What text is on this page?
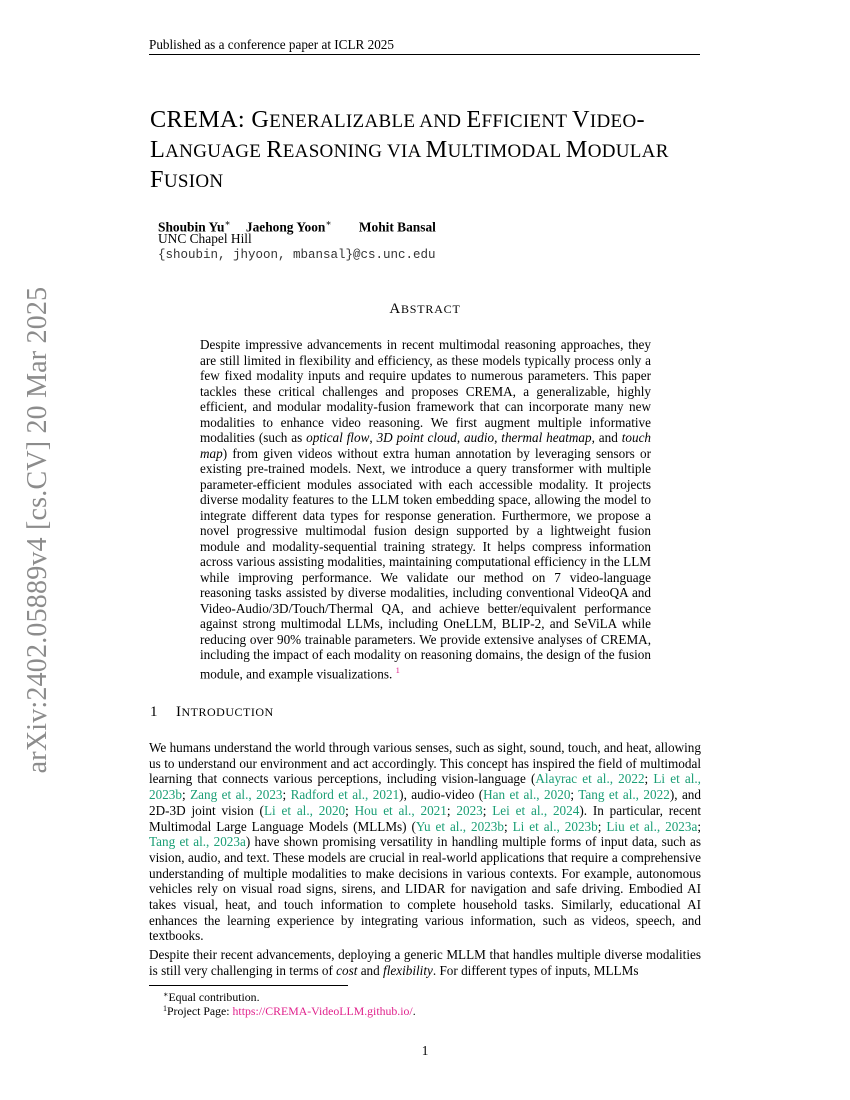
Published as a conference paper at ICLR 2025
arXiv:2402.05889v4 [cs.CV] 20 Mar 2025
CREMA: GENERALIZABLE AND EFFICIENT VIDEO-
LANGUAGE REASONING VIA MULTIMODAL MODULAR
FUSION
Shoubin Yu∗ Jaehong Yoon∗ Mohit Bansal
UNC Chapel Hill
{shoubin, jhyoon, mbansal}@cs.unc.edu
ABSTRACT
Despite impressive advancements in recent multimodal reasoning approaches, they are still limited in flexibility and efficiency, as these models typically process only a few fixed modality inputs and require updates to numerous parameters. This paper tackles these critical challenges and proposes CREMA, a generalizable, highly efficient, and modular modality-fusion framework that can incorporate many new modalities to enhance video reasoning. We first augment multiple informative modalities (such as optical flow, 3D point cloud, audio, thermal heatmap, and touch map) from given videos without extra human annotation by leveraging sensors or existing pre-trained models. Next, we introduce a query transformer with multiple parameter-efficient modules associated with each accessible modality. It projects diverse modality features to the LLM token embedding space, allowing the model to integrate different data types for response generation. Furthermore, we propose a novel progressive multimodal fusion design supported by a lightweight fusion module and modality-sequential training strategy. It helps compress information across various assisting modalities, maintaining computational efficiency in the LLM while improving performance. We validate our method on 7 video-language reasoning tasks assisted by diverse modalities, including conventional VideoQA and Video-Audio/3D/Touch/Thermal QA, and achieve better/equivalent performance against strong multimodal LLMs, including OneLLM, BLIP-2, and SeViLA while reducing over 90% trainable parameters. We provide extensive analyses of CREMA, including the impact of each modality on reasoning domains, the design of the fusion module, and example visualizations. $^1$
1 INTRODUCTION
We humans understand the world through various senses, such as sight, sound, touch, and heat, allowing us to understand our environment and act accordingly. This concept has inspired the field of multimodal learning that connects various perceptions, including vision-language (Alayrac et al., 2022; Li et al., 2023b; Zang et al., 2023; Radford et al., 2021), audio-video (Han et al., 2020; Tang et al., 2022), and 2D-3D joint vision (Li et al., 2020; Hou et al., 2021; 2023; Lei et al., 2024). In particular, recent Multimodal Large Language Models (MLLMs) (Yu et al., 2023b; Li et al., 2023b; Liu et al., 2023a; Tang et al., 2023a) have shown promising versatility in handling multiple forms of input data, such as vision, audio, and text. These models are crucial in real-world applications that require a comprehensive understanding of multiple modalities to make decisions in various contexts. For example, autonomous vehicles rely on visual road signs, sirens, and LIDAR for navigation and safe driving. Embodied AI takes visual, heat, and touch information to complete household tasks. Similarly, educational AI enhances the learning experience by integrating various information, such as videos, speech, and textbooks.
Despite their recent advancements, deploying a generic MLLM that handles multiple diverse modalities is still very challenging in terms of cost and flexibility. For different types of inputs, MLLMs
∗Equal contribution.
$^1$Project Page: https://CREMA-VideoLLM.github.io/.
1
